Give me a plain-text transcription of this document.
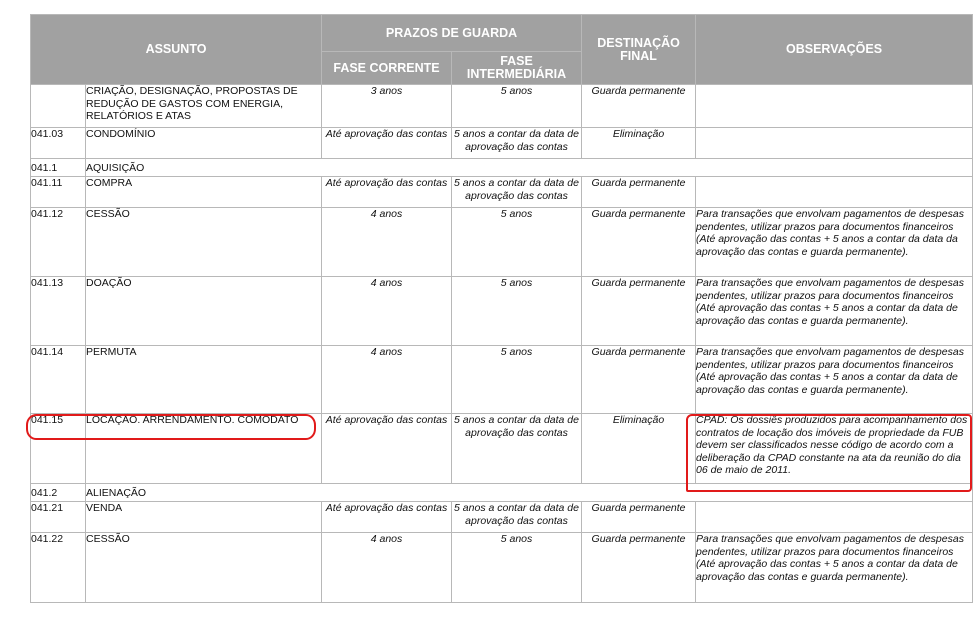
ASSUNTO		PRAZOS DE GUARDA		DESTINAÇÃO FINAL	OBSERVAÇÕES
		FASE CORRENTE	FASE INTERMEDIÁRIA		
	CRIAÇÃO, DESIGNAÇÃO, PROPOSTAS DE REDUÇÃO DE GASTOS COM ENERGIA, RELATÓRIOS E ATAS	3 anos	5 anos	Guarda permanente	
041.03	CONDOMÍNIO	Até aprovação das contas	5 anos a contar da data de aprovação das contas	Eliminação	
041.1	AQUISIÇÃO				
041.11	COMPRA	Até aprovação das contas	5 anos a contar da data de aprovação das contas	Guarda permanente	
041.12	CESSÃO	4 anos	5 anos	Guarda permanente	Para transações que envolvam pagamentos de despesas pendentes, utilizar prazos para documentos financeiros (Até aprovação das contas + 5 anos a contar da data da aprovação das contas e guarda permanente).
041.13	DOAÇÃO	4 anos	5 anos	Guarda permanente	Para transações que envolvam pagamentos de despesas pendentes, utilizar prazos para documentos financeiros (Até aprovação das contas + 5 anos a contar da data de aprovação das contas e guarda permanente).
041.14	PERMUTA	4 anos	5 anos	Guarda permanente	Para transações que envolvam pagamentos de despesas pendentes, utilizar prazos para documentos financeiros (Até aprovação das contas + 5 anos a contar da data de aprovação das contas e guarda permanente).
041.15	LOCAÇÃO. ARRENDAMENTO. COMODATO	Até aprovação das contas	5 anos a contar da data de aprovação das contas	Eliminação	CPAD: Os dossiês produzidos para acompanhamento dos contratos de locação dos imóveis de propriedade da FUB devem ser classificados nesse código de acordo com a deliberação da CPAD constante na ata da reunião do dia 06 de maio de 2011.
041.2	ALIENAÇÃO				
041.21	VENDA	Até aprovação das contas	5 anos a contar da data de aprovação das contas	Guarda permanente	
041.22	CESSÃO	4 anos	5 anos	Guarda permanente	Para transações que envolvam pagamentos de despesas pendentes, utilizar prazos para documentos financeiros (Até aprovação das contas + 5 anos a contar da data de aprovação das contas e guarda permanente).
